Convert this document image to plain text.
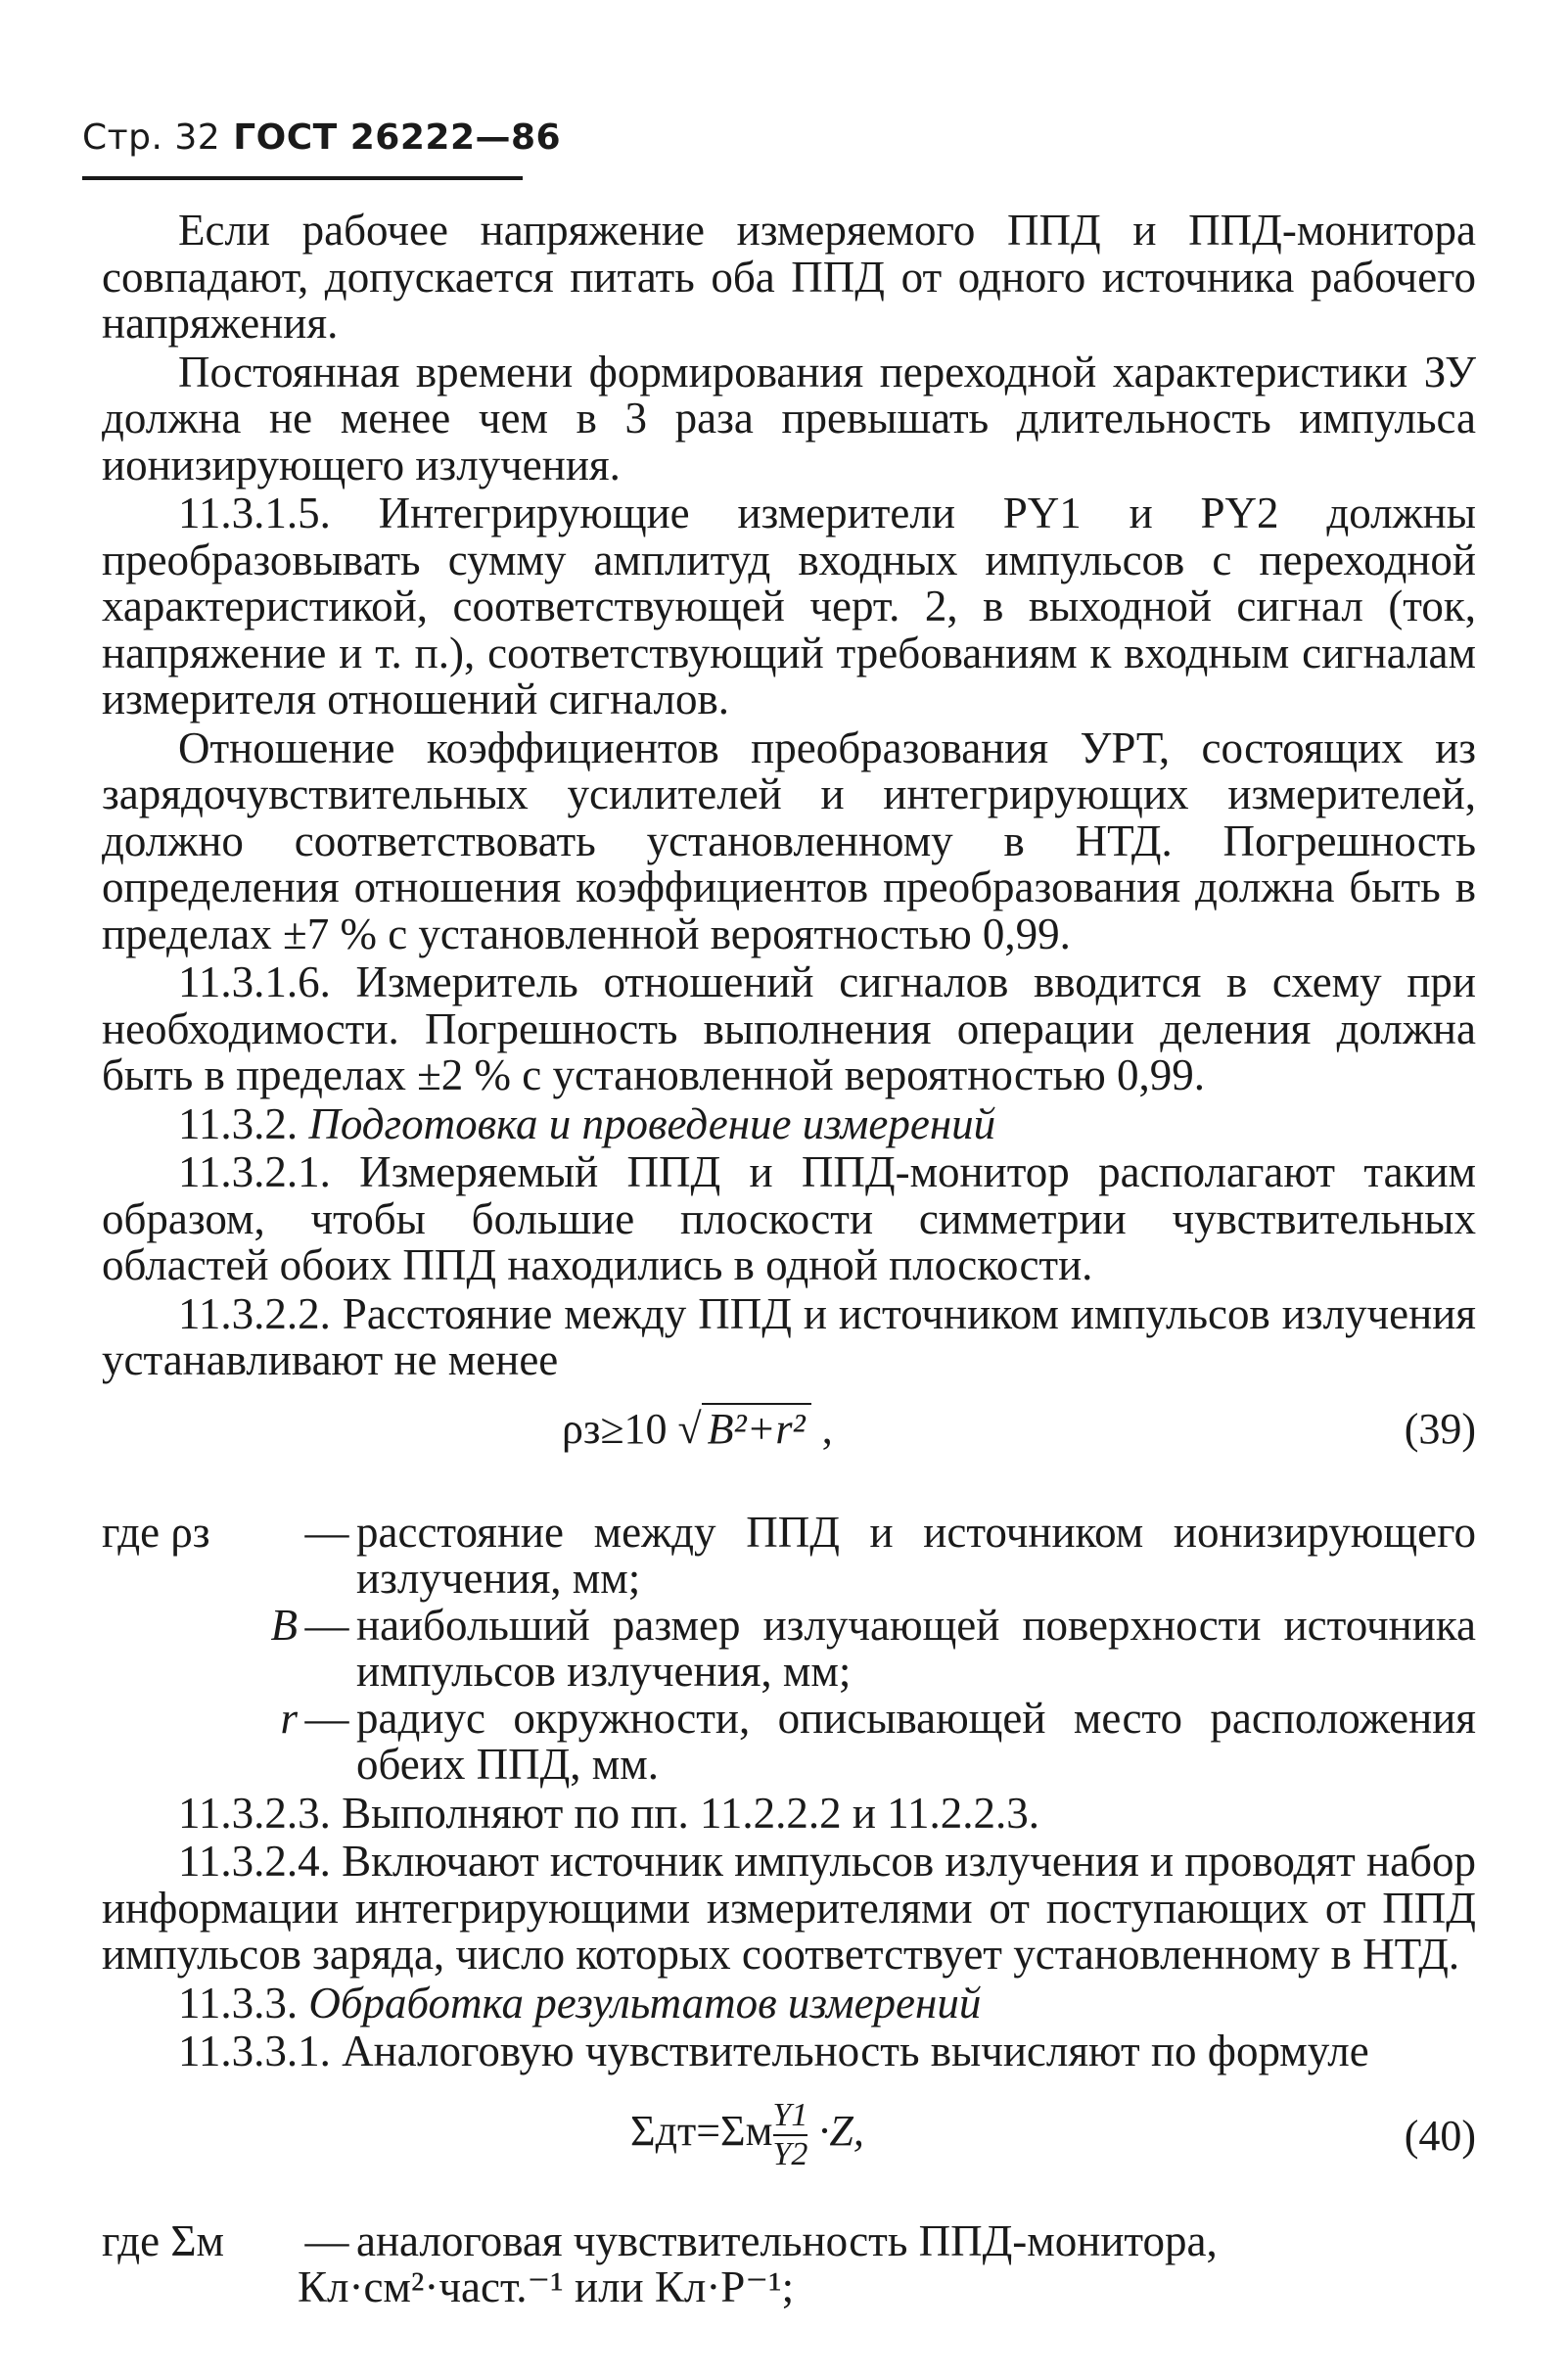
Стр. 32 ГОСТ 26222—86

Если рабочее напряжение измеряемого ППД и ППД-монитора совпадают, допускается питать оба ППД от одного источника рабочего напряжения.

Постоянная времени формирования переходной характеристики ЗУ должна не менее чем в 3 раза превышать длительность импульса ионизирующего излучения.

11.3.1.5. Интегрирующие измерители PY1 и PY2 должны преобразовывать сумму амплитуд входных импульсов с переходной характеристикой, соответствующей черт. 2, в выходной сигнал (ток, напряжение и т. п.), соответствующий требованиям к входным сигналам измерителя отношений сигналов.

Отношение коэффициентов преобразования УРТ, состоящих из зарядочувствительных усилителей и интегрирующих измерителей, должно соответствовать установленному в НТД. Погрешность определения отношения коэффициентов преобразования должна быть в пределах ±7 % с установленной вероятностью 0,99.

11.3.1.6. Измеритель отношений сигналов вводится в схему при необходимости. Погрешность выполнения операции деления должна быть в пределах ±2 % с установленной вероятностью 0,99.

11.3.2. Подготовка и проведение измерений

11.3.2.1. Измеряемый ППД и ППД-монитор располагают таким образом, чтобы большие плоскости симметрии чувствительных областей обоих ППД находились в одной плоскости.

11.3.2.2. Расстояние между ППД и источником импульсов излучения устанавливают не менее

ρз≥10 √ B²+r² ,	(39)
где ρз	— расстояние между ППД и источником ионизирующего излучения, мм;
B — наибольший размер излучающей поверхности источника импульсов излучения, мм;
r — радиус окружности, описывающей место расположения обеих ППД, мм.

11.3.2.3. Выполняют по пп. 11.2.2.2 и 11.2.2.3.

11.3.2.4. Включают источник импульсов излучения и проводят набор информации интегрирующими измерителями от поступающих от ППД импульсов заряда, число которых соответствует установленному в НТД.

11.3.3. Обработка результатов измерений

11.3.3.1. Аналоговую чувствительность вычисляют по формуле

$\Sigma дт=\Sigma м \frac{Y1}{Y2} \cdot Z$,	(40)
где Σм	— аналоговая чувствительность ППД-монитора,
Кл·см²·част.⁻¹ или Кл·Р⁻¹;
